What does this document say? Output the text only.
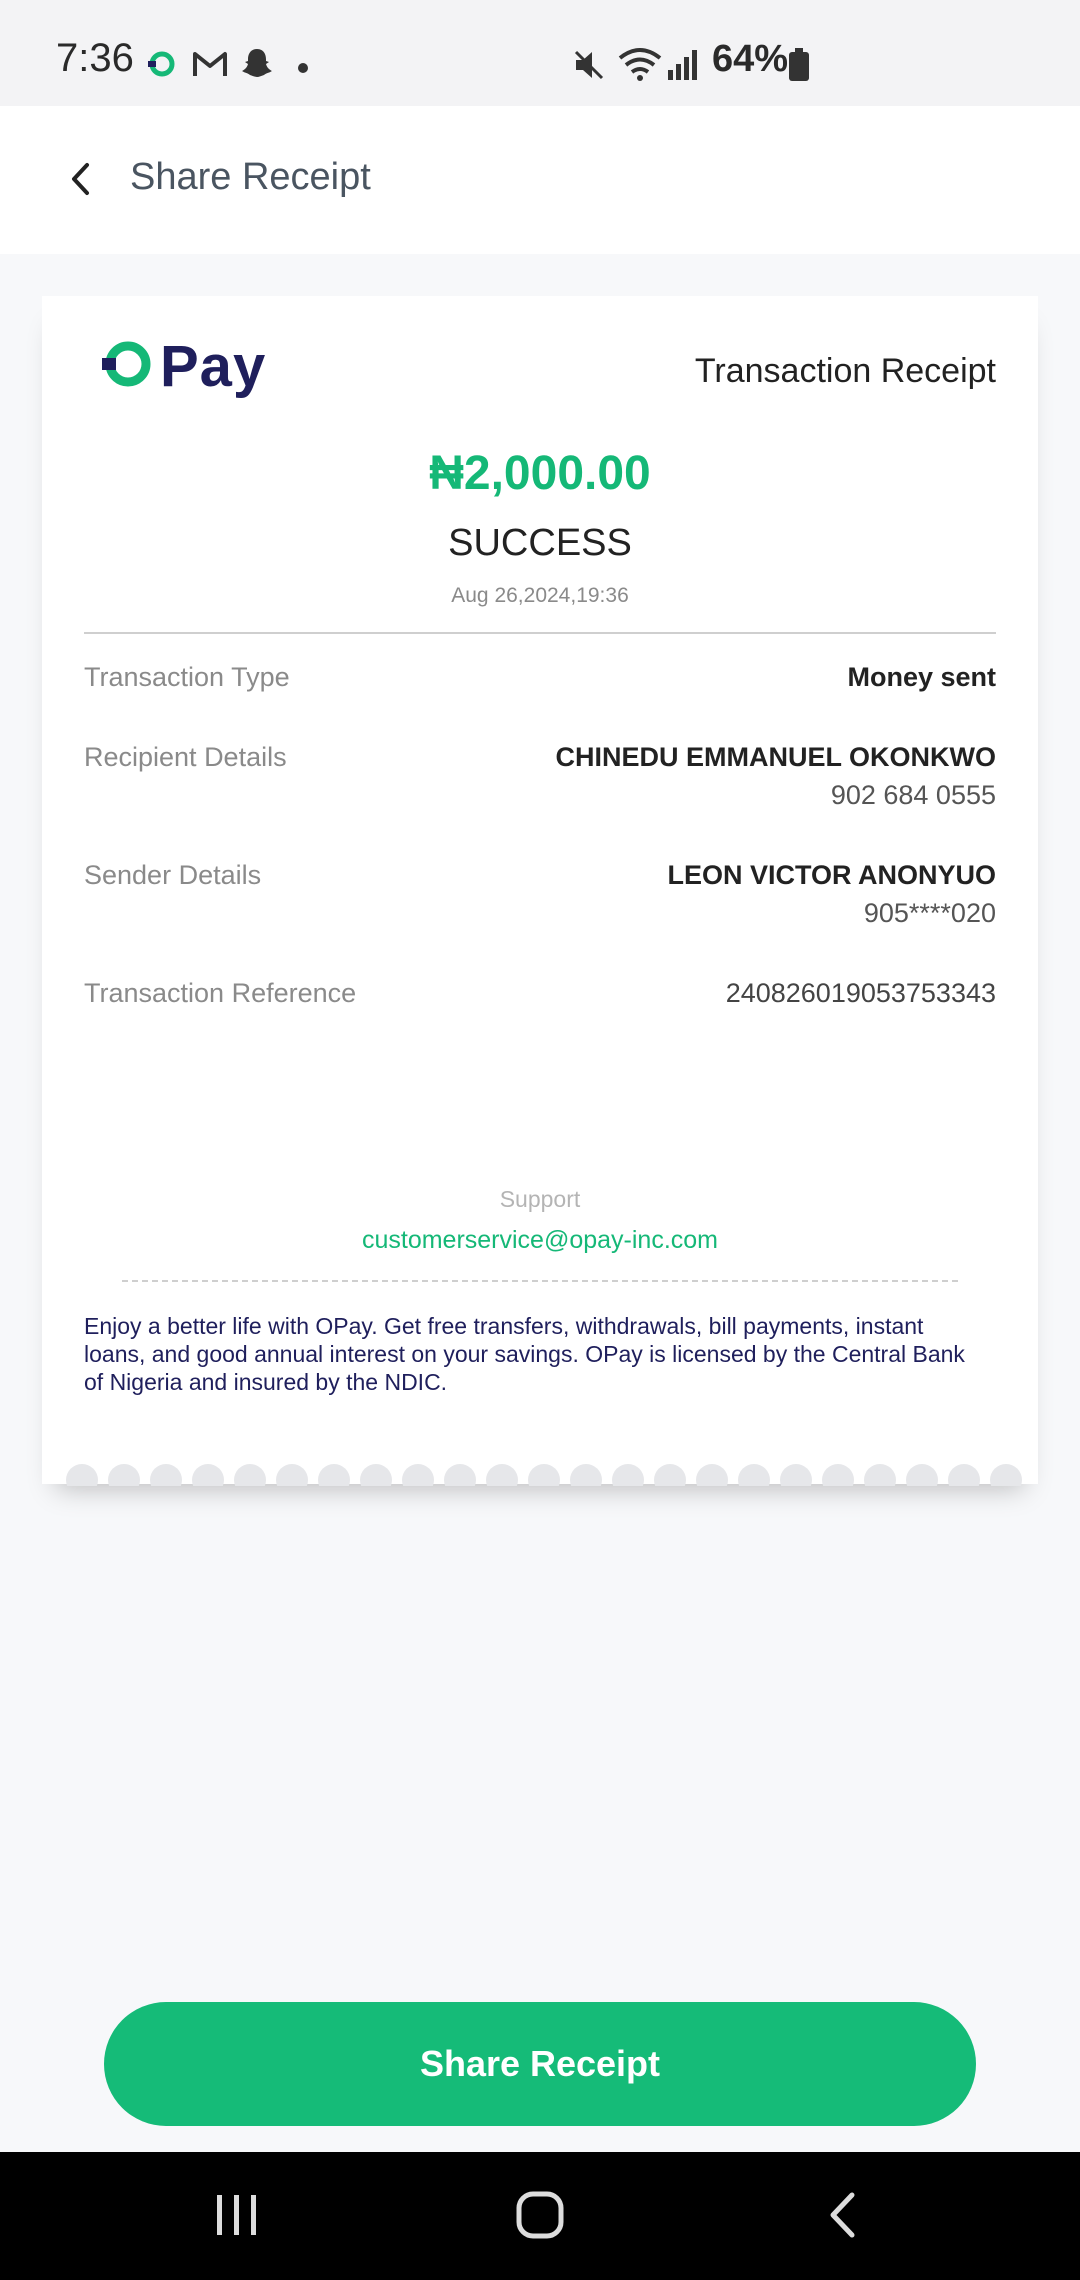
7:36	64%
Share Receipt
Pay	Transaction Receipt
₦2,000.00
SUCCESS
Aug 26,2024,19:36
Transaction Type	Money sent
Recipient Details	CHINEDU EMMANUEL OKONKWO
902 684 0555
Sender Details	LEON VICTOR ANONYUO
905****020
Transaction Reference	240826019053753343
Support
customerservice@opay-inc.com
Enjoy a better life with OPay. Get free transfers, withdrawals, bill payments, instant loans, and good annual interest on your savings. OPay is licensed by the Central Bank of Nigeria and insured by the NDIC.
Share Receipt
